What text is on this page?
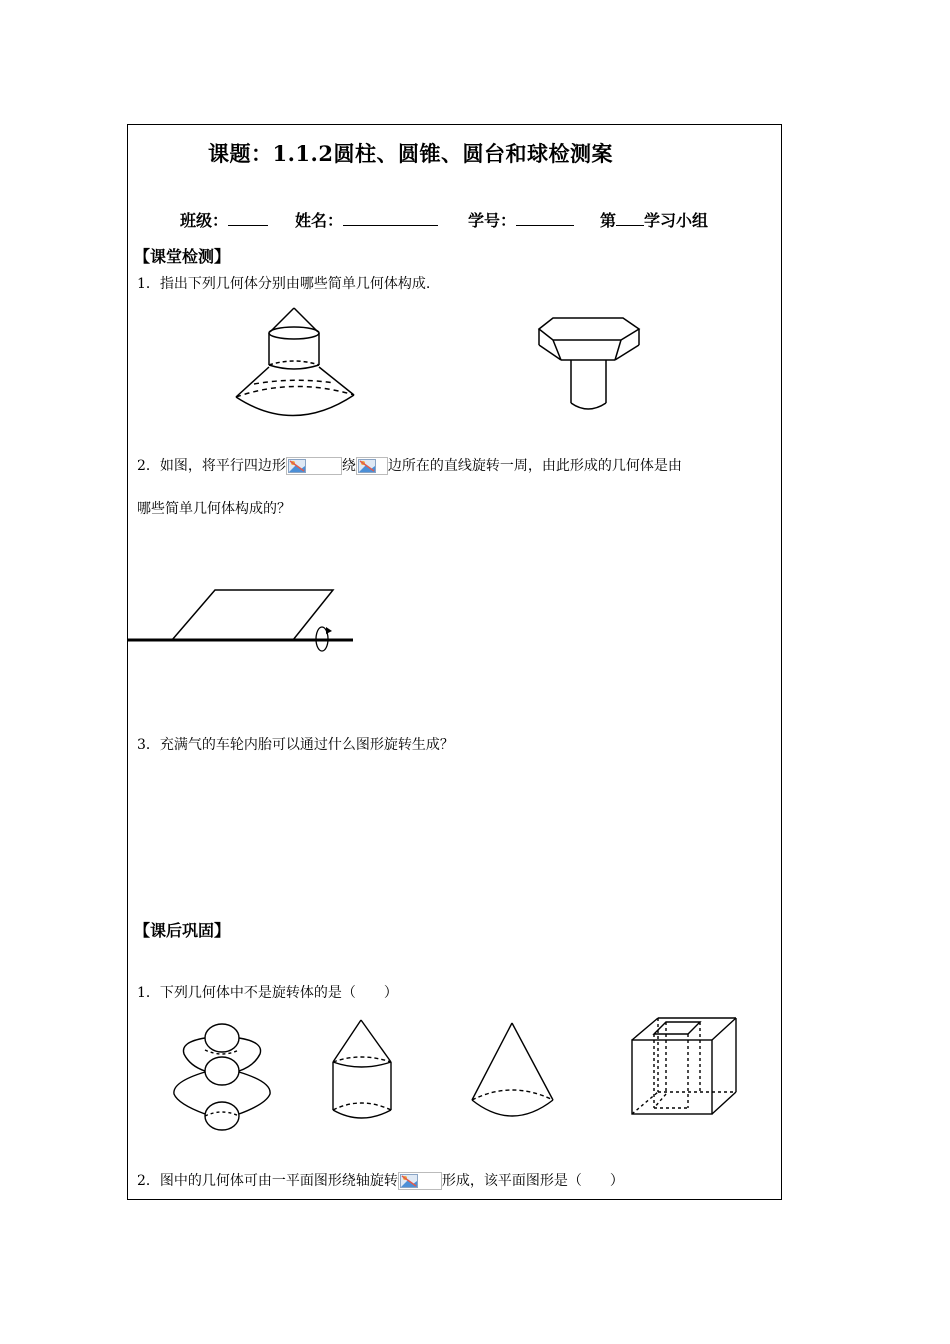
课题：1.1.2圆柱、圆锥、圆台和球检测案
班级：	姓名：	学号：	第 学习小组
【课堂检测】
1．指出下列几何体分别由哪些简单几何体构成.
2．如图，将平行四边形	绕 边所在的直线旋转一周，由此形成的几何体是由
哪些简单几何体构成的？
3．充满气的车轮内胎可以通过什么图形旋转生成？
【课后巩固】
1．下列几何体中不是旋转体的是（　　）
2．图中的几何体可由一平面图形绕轴旋转	形成，该平面图形是（　　）
